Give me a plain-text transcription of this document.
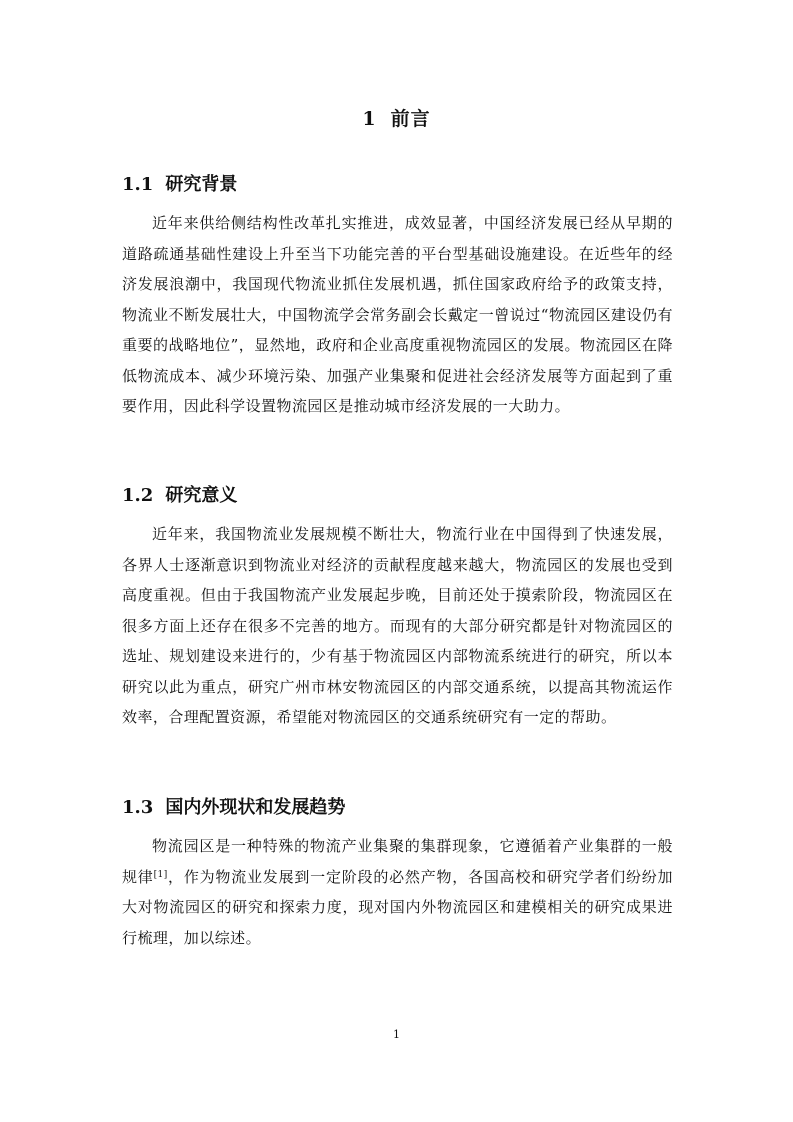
1 前言
1.1 研究背景

近年来供给侧结构性改革扎实推进，成效显著，中国经济发展已经从早期的道路疏通基础性建设上升至当下功能完善的平台型基础设施建设。在近些年的经济发展浪潮中，我国现代物流业抓住发展机遇，抓住国家政府给予的政策支持，物流业不断发展壮大，中国物流学会常务副会长戴定一曾说过“物流园区建设仍有重要的战略地位”，显然地，政府和企业高度重视物流园区的发展。物流园区在降低物流成本、减少环境污染、加强产业集聚和促进社会经济发展等方面起到了重要作用，因此科学设置物流园区是推动城市经济发展的一大助力。

1.2 研究意义

近年来，我国物流业发展规模不断壮大，物流行业在中国得到了快速发展，各界人士逐渐意识到物流业对经济的贡献程度越来越大，物流园区的发展也受到高度重视。但由于我国物流产业发展起步晚，目前还处于摸索阶段，物流园区在很多方面上还存在很多不完善的地方。而现有的大部分研究都是针对物流园区的选址、规划建设来进行的，少有基于物流园区内部物流系统进行的研究，所以本研究以此为重点，研究广州市林安物流园区的内部交通系统，以提高其物流运作效率，合理配置资源，希望能对物流园区的交通系统研究有一定的帮助。

1.3 国内外现状和发展趋势

物流园区是一种特殊的物流产业集聚的集群现象，它遵循着产业集群的一般规律[1]，作为物流业发展到一定阶段的必然产物，各国高校和研究学者们纷纷加大对物流园区的研究和探索力度，现对国内外物流园区和建模相关的研究成果进行梳理，加以综述。

1
